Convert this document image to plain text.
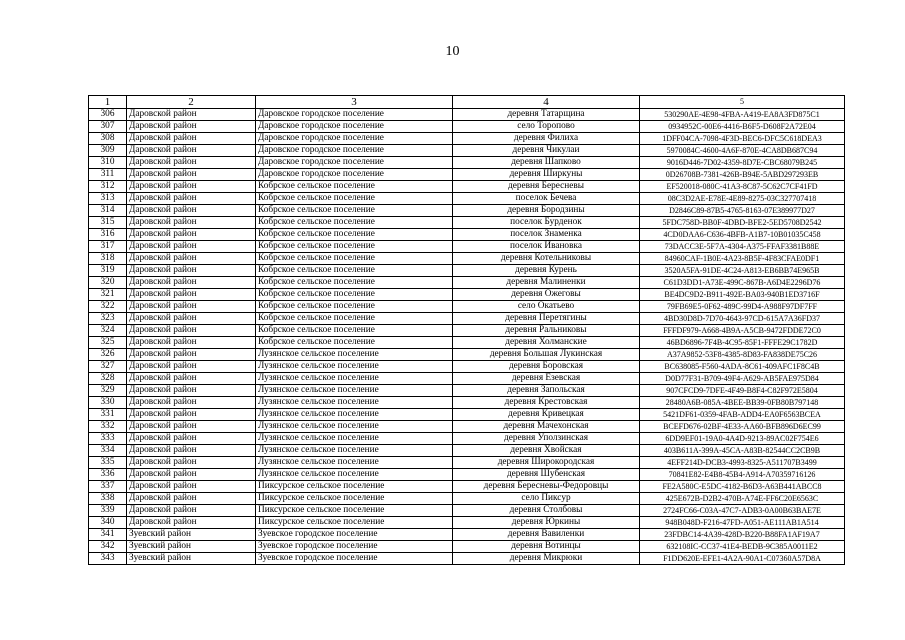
10
1	2	3	4	5
306	Даровской район	Даровское городское поселение	деревня Татарщина	530290AE-4E98-4FBA-A419-EA8A3FD875C1
307	Даровской район	Даровское городское поселение	село Торопово	0934952C-00E6-4416-B6F5-D608F2A72E04
308	Даровской район	Даровское городское поселение	деревня Филиха	1DFF04CA-7098-4F3D-BEC6-DFC5C618DEA3
309	Даровской район	Даровское городское поселение	деревня Чикулаи	5970084C-4600-4A6F-870E-4CA8DB687C94
310	Даровской район	Даровское городское поселение	деревня Шапково	9016D446-7D02-4359-8D7E-CBC68079B245
311	Даровской район	Даровское городское поселение	деревня Ширкуны	0D26708B-7381-426B-B94E-5ABD297293EB
312	Даровской район	Кобрское сельское поселение	деревня Бересневы	EF520018-080C-41A3-8C87-5C62C7CF41FD
313	Даровской район	Кобрское сельское поселение	поселок Бечева	08C3D2AE-E78E-4E89-8275-03C327707418
314	Даровской район	Кобрское сельское поселение	деревня Бородзины	D2846C89-87B5-4765-8163-07E389977D27
315	Даровской район	Кобрское сельское поселение	поселок Бурденок	5FDC758D-BB0F-4DBD-BFE2-5ED5708D2542
316	Даровской район	Кобрское сельское поселение	поселок Знаменка	4CD0DAA6-C636-4BFB-A1B7-10B01035C458
317	Даровской район	Кобрское сельское поселение	поселок Ивановка	73DACC3E-5F7A-4304-A375-FFAF3381B88E
318	Даровской район	Кобрское сельское поселение	деревня Котельниковы	84960CAF-1B0E-4A23-8B5F-4F83CFAE0DF1
319	Даровской район	Кобрское сельское поселение	деревня Курень	3520A5FA-91DE-4C24-A813-EB6BB74E965B
320	Даровской район	Кобрское сельское поселение	деревня Малиненки	C61D3DD1-A73E-499C-867B-A6D4E2296D76
321	Даровской район	Кобрское сельское поселение	деревня Ожеговы	BE4DC9D2-B911-492E-BA03-940B1ED3716F
322	Даровской район	Кобрское сельское поселение	село Окатьево	79FB69E5-0F62-489C-99D4-A988F97DF7FF
323	Даровской район	Кобрское сельское поселение	деревня Перетягины	4BD30D8D-7D70-4643-97CD-615A7A36FD37
324	Даровской район	Кобрское сельское поселение	деревня Ральниковы	FFFDF979-A668-4B9A-A5CB-9472FDDE72C0
325	Даровской район	Кобрское сельское поселение	деревня Холманские	46BD6896-7F4B-4C95-85F1-FFFE29C1782D
326	Даровской район	Лузянское сельское поселение	деревня Большая Лукинская	A37A9852-53F8-4385-8D83-FA838DE75C26
327	Даровской район	Лузянское сельское поселение	деревня Боровская	BC638085-F560-4ADA-8C61-409AFC1F8C4B
328	Даровской район	Лузянское сельское поселение	деревня Езевская	D0D77F31-B709-49F4-A629-AB5FAE975D84
329	Даровской район	Лузянское сельское поселение	деревня Запольская	907CFCD9-7DFE-4F49-B8F4-C82F972E5804
330	Даровской район	Лузянское сельское поселение	деревня Крестовская	28480A6B-085A-4BEE-BB39-0FB80B797148
331	Даровской район	Лузянское сельское поселение	деревня Кривецкая	5421DF61-0359-4FAB-ADD4-EA0F6563BCEA
332	Даровской район	Лузянское сельское поселение	деревня Мачехонская	BCEFD676-02BF-4E33-AA60-BFB896D6EC99
333	Даровской район	Лузянское сельское поселение	деревня Уползинская	6DD9EF01-19A0-4A4D-9213-89AC02F754E6
334	Даровской район	Лузянское сельское поселение	деревня Хвойская	403B611A-399A-45CA-A83B-82544CC2CB9B
335	Даровской район	Лузянское сельское поселение	деревня Широкородская	4EFF214D-DCB3-4993-8325-A511707B3499
336	Даровской район	Лузянское сельское поселение	деревня Шубенская	70841E82-E4B8-45B4-A914-A70359716126
337	Даровской район	Пиксурское сельское поселение	деревня Бересневы-Федоровцы	FE2A580C-E5DC-4182-B6D3-A63B441ABCC8
338	Даровской район	Пиксурское сельское поселение	село Пиксур	425E672B-D2B2-470B-A74E-FF6C20E6563C
339	Даровской район	Пиксурское сельское поселение	деревня Столбовы	2724FC66-C03A-47C7-ADB3-0A00B63BAE7E
340	Даровской район	Пиксурское сельское поселение	деревня Юркины	948B048D-F216-47FD-A051-AE111AB1A514
341	Зуевский район	Зуевское городское поселение	деревня Вавиленки	23FDBC14-4A39-428D-B220-B88FA1AF19A7
342	Зуевский район	Зуевское городское поселение	деревня Вотинцы	632108IC-CC37-41E4-BEDB-9C385A0011E2
343	Зуевский район	Зуевское городское поселение	деревня Микрюки	F1DD620E-EFE1-4A2A-90A1-C07360A57D8A
